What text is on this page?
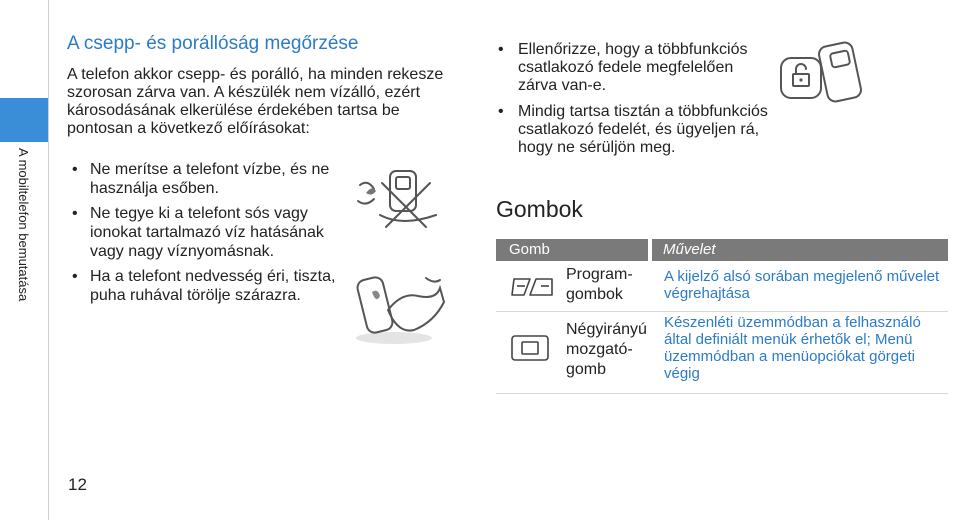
A mobiltelefon bemutatása
12
A csepp- és porállóság megőrzése

A telefon akkor csepp- és poráll​ó, ha minden rekesze szorosan zárva van. A készülék nem vízálló, ezért károsodásának elkerülése érdekében tartsa be pontosan a következő előírásokat:

• Ne merítse a telefont vízbe, és ne használja esőben.
• Ne tegye ki a telefont sós vagy ionokat tartalmazó víz hatásának vagy nagy víznyomásnak.
• Ha a telefont nedvesség éri, tiszta, puha ruhával törölje szárazra.
• Ellenőrizze, hogy a többfunkciós csatlakozó fedele megfelelően zárva van-e.
• Mindig tartsa tisztán a többfunkciós csatlakozó fedelét, és ügyeljen rá, hogy ne sérüljön meg.
Gombok
Gomb	Művelet
Program-
gombok
A kijelző alsó sorában megjelenő művelet végrehajtása
Négyirányú
mozgató-
gomb
Készenléti üzemmódban a felhasználó által definiált menük érhetők el; Menü üzemmódban a menüopciókat görgeti végig
